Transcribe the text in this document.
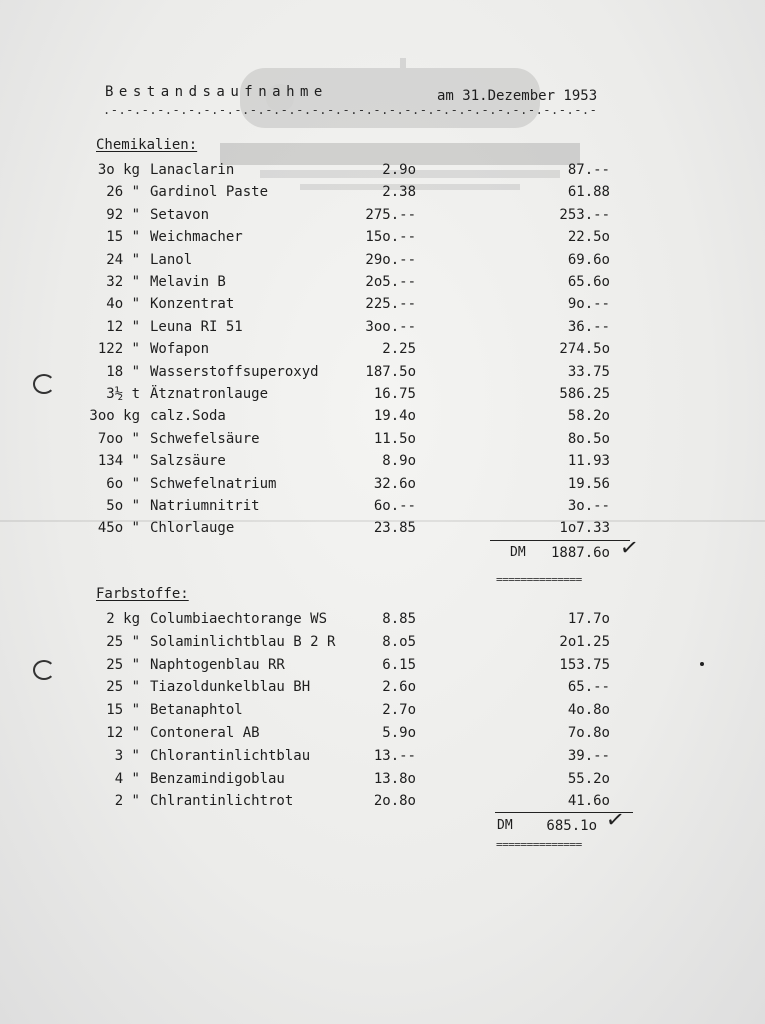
Bestandsaufnahme	am 31.Dezember 1953
.-.-.-.-.-.-.-.-.-.-.-.-.-.-.-.-.-.-.-.-.-.-.-.-.-.-.-.-.-.-.-.-
Chemikalien:
3o kg Lanaclarin	2.9o	87.--
26 " Gardinol Paste	2.38	61.88
92 " Setavon	275.--	253.--
15 " Weichmacher	15o.--	22.5o
24 " Lanol	29o.--	69.6o
32 " Melavin B	2o5.--	65.6o
4o " Konzentrat	225.--	9o.--
12 " Leuna RI 51	3oo.--	36.--
122 " Wofapon	2.25	274.5o
18 " Wasserstoffsuperoxyd	187.5o	33.75
3½ t Ätznatronlauge	16.75	586.25
3oo kg calz.Soda	19.4o	58.2o
7oo " Schwefelsäure	11.5o	8o.5o
134 " Salzsäure	8.9o	11.93
6o " Schwefelnatrium	32.6o	19.56
5o " Natriumnitrit	6o.--	3o.--
45o " Chlorlauge	23.85	1o7.33
DM	1887.6o ✓
==============
Farbstoffe:
2 kg Columbiaechtorange WS	8.85	17.7o
25 " Solaminlichtblau B 2 R	8.o5	2o1.25
25 " Naphtogenblau RR	6.15	153.75
25 " Tiazoldunkelblau BH	2.6o	65.--
15 " Betanaphtol	2.7o	4o.8o
12 " Contoneral AB	5.9o	7o.8o
3 " Chlorantinlichtblau	13.--	39.--
4 " Benzamindigoblau	13.8o	55.2o
2 " Chlrantinlichtrot	2o.8o	41.6o
DM	685.1o ✓
==============
